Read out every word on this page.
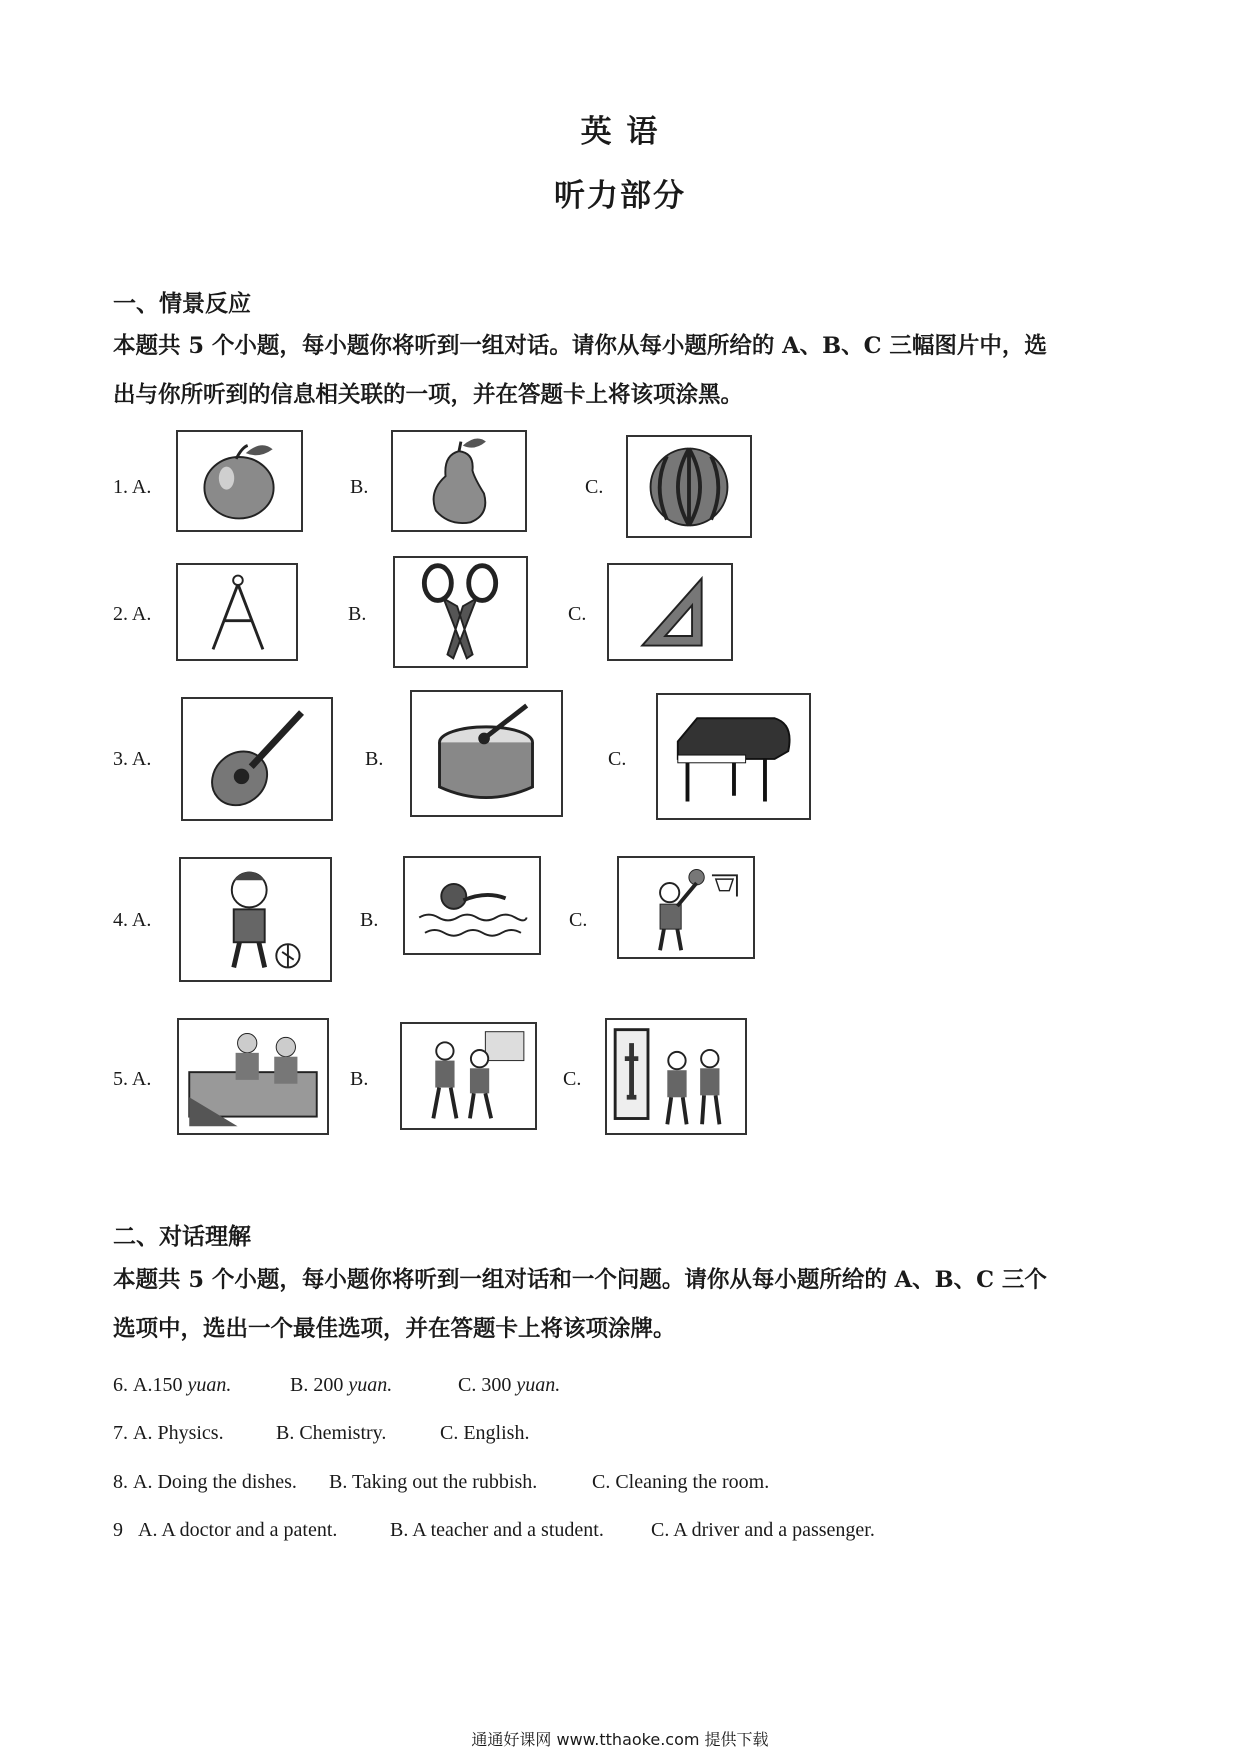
英 语
听力部分
一、情景反应
本题共 5 个小题，每小题你将听到一组对话。请你从每小题所给的 A、B、C 三幅图片中，选
出与你所听到的信息相关联的一项，并在答题卡上将该项涂黑。
1. A.	B.	C.
2. A.	B.	C.
3. A.	B.	C.
4. A.	B.	C.
5. A.	B.	C.
二、对话理解
本题共 5 个小题，每小题你将听到一组对话和一个问题。请你从每小题所给的 A、B、C 三个
选项中，选出一个最佳选项，并在答题卡上将该项涂牌。
6. A.150 yuan.	B. 200 yuan.	C. 300 yuan.
7. A. Physics.	B. Chemistry.	C. English.
8. A. Doing the dishes. B. Taking out the rubbish.	C. Cleaning the room.
9 A. A doctor and a patent.	B. A teacher and a student. C. A driver and a passenger.
通通好课网 www.tthaoke.com 提供下载
